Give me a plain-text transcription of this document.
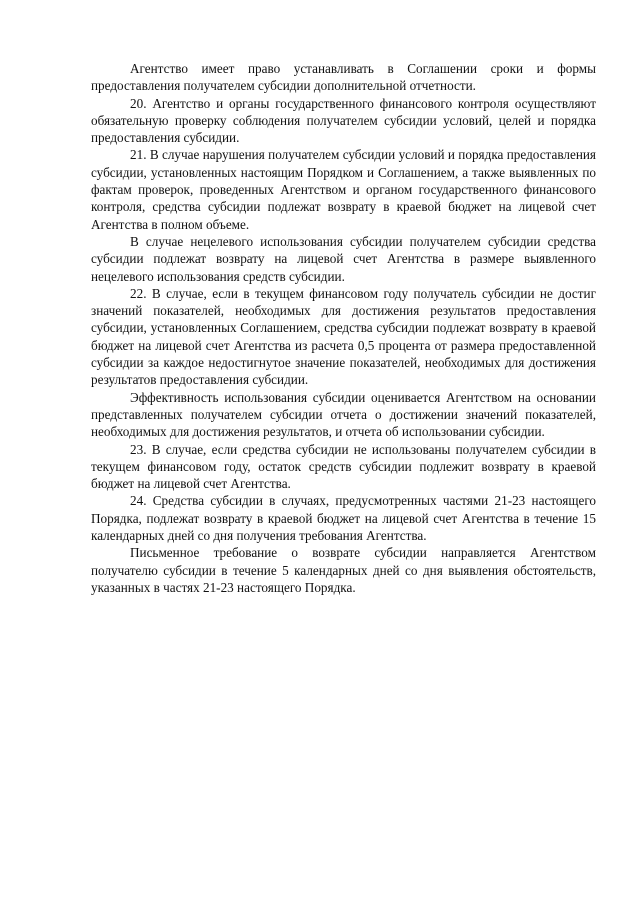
Агентство имеет право устанавливать в Соглашении сроки и формы предоставления получателем субсидии дополнительной отчетности.

20. Агентство и органы государственного финансового контроля осуществляют обязательную проверку соблюдения получателем субсидии условий, целей и порядка предоставления субсидии.

21. В случае нарушения получателем субсидии условий и порядка предоставления субсидии, установленных настоящим Порядком и Соглашением, а также выявленных по фактам проверок, проведенных Агентством и органом государственного финансового контроля, средства субсидии подлежат возврату в краевой бюджет на лицевой счет Агентства в полном объеме.

В случае нецелевого использования субсидии получателем субсидии средства субсидии подлежат возврату на лицевой счет Агентства в размере выявленного нецелевого использования средств субсидии.

22. В случае, если в текущем финансовом году получатель субсидии не достиг значений показателей, необходимых для достижения результатов предоставления субсидии, установленных Соглашением, средства субсидии подлежат возврату в краевой бюджет на лицевой счет Агентства из расчета 0,5 процента от размера предоставленной субсидии за каждое недостигнутое значение показателей, необходимых для достижения результатов предоставления субсидии.

Эффективность использования субсидии оценивается Агентством на основании представленных получателем субсидии отчета о достижении значений показателей, необходимых для достижения результатов, и отчета об использовании субсидии.

23. В случае, если средства субсидии не использованы получателем субсидии в текущем финансовом году, остаток средств субсидии подлежит возврату в краевой бюджет на лицевой счет Агентства.

24. Средства субсидии в случаях, предусмотренных частями 21-23 настоящего Порядка, подлежат возврату в краевой бюджет на лицевой счет Агентства в течение 15 календарных дней со дня получения требования Агентства.

Письменное требование о возврате субсидии направляется Агентством получателю субсидии в течение 5 календарных дней со дня выявления обстоятельств, указанных в частях 21-23 настоящего Порядка.
